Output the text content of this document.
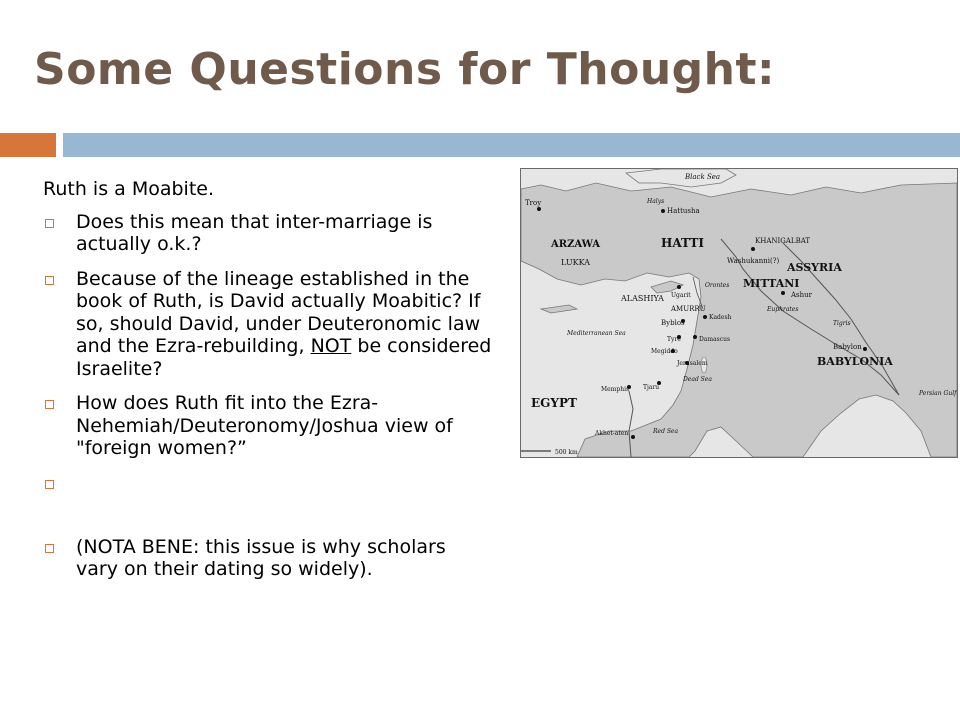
Some Questions for Thought:

Ruth is a Moabite.

Does this mean that inter-marriage is actually o.k.?
Because of the lineage established in the book of Ruth, is David actually Moabitic? If so, should David, under Deuteronomic law and the Ezra-rebuilding, NOT be considered Israelite?
How does Ruth fit into the Ezra-Nehemiah/Deuteronomy/Joshua view of "foreign women?”
(NOTA BENE: this issue is why scholars vary on their dating so widely).
Black Sea
Troy	Halys
Hattusha
ARZAWA	HATTI
LUKKA
KHANIGALBAT
Washukanni(?) ASSYRIA
MITTANI
Ashur
ALASHIYA Ugarit
AMURRU
Orontes
Byblos
Kadesh
Euphrates
Tigris
Babylon
BABYLONIA
Mediterranean Sea
Damascus
Tyre
Megiddo
Jerusalem
Dead Sea
Memphis Tjaru
EGYPT
Akhet-aten	Red Sea
Persian Gulf
500 km
